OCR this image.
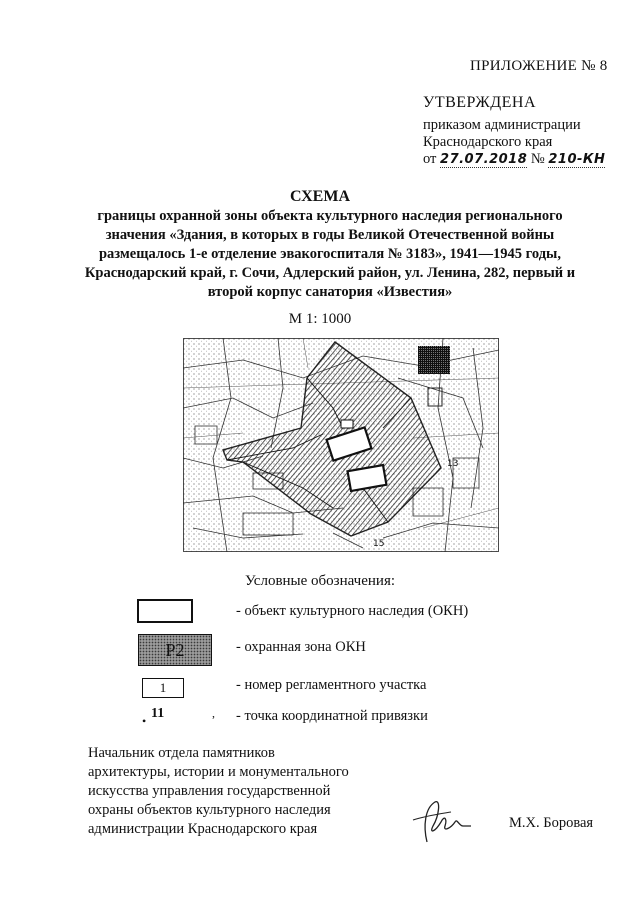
ПРИЛОЖЕНИЕ № 8
УТВЕРЖДЕНА
приказом администрации
Краснодарского края
от 27.07.2018 № 210-КН
СХЕМА
границы охранной зоны объекта культурного наследия регионального
значения «Здания, в которых в годы Великой Отечественной войны
размещалось 1-е отделение эвакогоспиталя № 3183», 1941—1945 годы,
Краснодарский край, г. Сочи, Адлерский район, ул. Ленина, 282, первый и
второй корпус санатория «Известия»
М 1: 1000
13
15
Условные обозначения:
- объект культурного наследия (ОКН)
Р2	- охранная зона ОКН
1	- номер регламентного участка
• 11	, - точка координатной привязки
Начальник отдела памятников
архитектуры, истории и монументального
искусства управления государственной
охраны объектов культурного наследия
администрации Краснодарского края	М.Х. Боровая
